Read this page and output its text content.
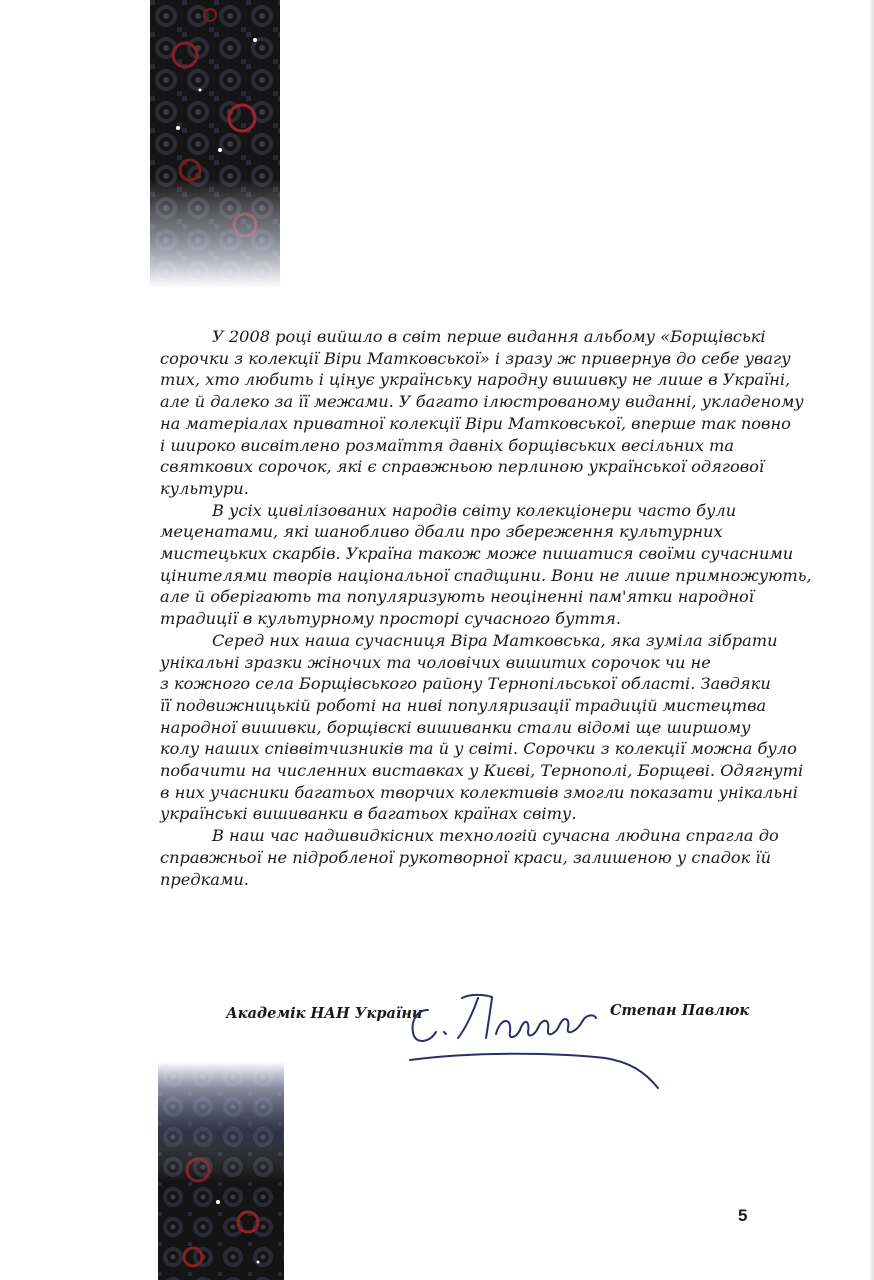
У 2008 році вийшло в світ перше видання альбому «Борщівські
сорочки з колекції Віри Матковської» і зразу ж привернув до себе увагу
тих, хто любить і цінує українську народну вишивку не лише в Україні,
але й далеко за її межами. У багато ілюстрованому виданні, укладеному
на матеріалах приватної колекції Віри Матковської, вперше так повно
і широко висвітлено розмаїття давніх борщівських весільних та
святкових сорочок, які є справжньою перлиною української одягової
культури.
В усіх цивілізованих народів світу колекціонери часто були
меценатами, які шанобливо дбали про збереження культурних
мистецьких скарбів. Україна також може пишатися своїми сучасними
цінителями творів національної спадщини. Вони не лише примножують,
але й оберігають та популяризують неоціненні пам'ятки народної
традиції в культурному просторі сучасного буття.
Серед них наша сучасниця Віра Матковська, яка зуміла зібрати
унікальні зразки жіночих та чоловічих вишитих сорочок чи не
з кожного села Борщівського району Тернопільської області. Завдяки
її подвижницькій роботі на ниві популяризації традицій мистецтва
народної вишивки, борщівскі вишиванки стали відомі ще ширшому
колу наших співвітчизників та й у світі. Сорочки з колекції можна було
побачити на численних виставках у Києві, Тернополі, Борщеві. Одягнуті
в них учасники багатьох творчих колективів змогли показати унікальні
українські вишиванки в багатьох країнах світу.
В наш час надшвидкісних технологій сучасна людина спрагла до
справжньої не підробленої рукотворної краси, залишеною у спадок їй
предками.
Академік НАН України	Степан Павлюк
5
